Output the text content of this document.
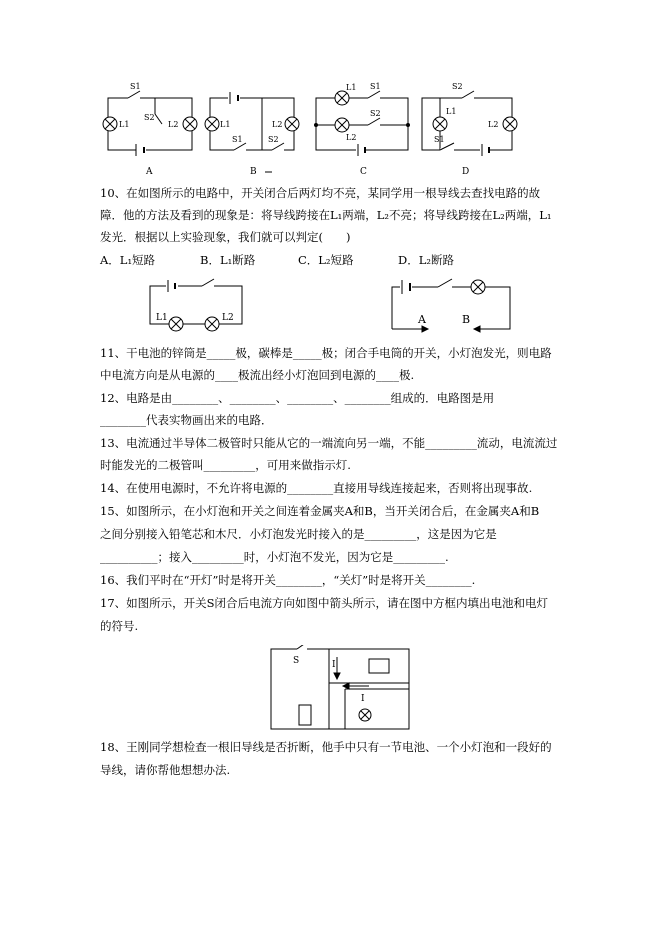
S1
L1
S2
L2
A
L1	L2
S1	S2
B
L1 S1
S2
L2
C
S2
L1
L2
S1
D
10、在如图所示的电路中，开关闭合后两灯均不亮，某同学用一根导线去查找电路的故
障．他的方法及看到的现象是：将导线跨接在L₁两端，L₂不亮；将导线跨接在L₂两端，L₁
发光．根据以上实验现象，我们就可以判定(　　)
A．L₁短路	B．L₁断路	C．L₂短路	D．L₂断路
L1	L2	A	B
11、干电池的锌筒是_____极，碳棒是_____极；闭合手电筒的开关，小灯泡发光，则电路
中电流方向是从电源的____极流出经小灯泡回到电源的____极.
12、电路是由________、________、________、________组成的．电路图是用
________代表实物画出来的电路．
13、电流通过半导体二极管时只能从它的一端流向另一端，不能_________流动，电流流过
时能发光的二极管叫_________，可用来做指示灯.
14、在使用电源时，不允许将电源的________直接用导线连接起来，否则将出现事故.
15、如图所示，在小灯泡和开关之间连着金属夹A和B，当开关闭合后，在金属夹A和B
之间分别接入铅笔芯和木尺．小灯泡发光时接入的是_________，这是因为它是
__________；接入_________时，小灯泡不发光，因为它是_________.
16、我们平时在“开灯”时是将开关________，“关灯”时是将开关________.
17、如图所示，开关S闭合后电流方向如图中箭头所示，请在图中方框内填出电池和电灯
的符号.
S	I
I
18、王刚同学想检查一根旧导线是否折断，他手中只有一节电池、一个小灯泡和一段好的
导线，请你帮他想想办法.
